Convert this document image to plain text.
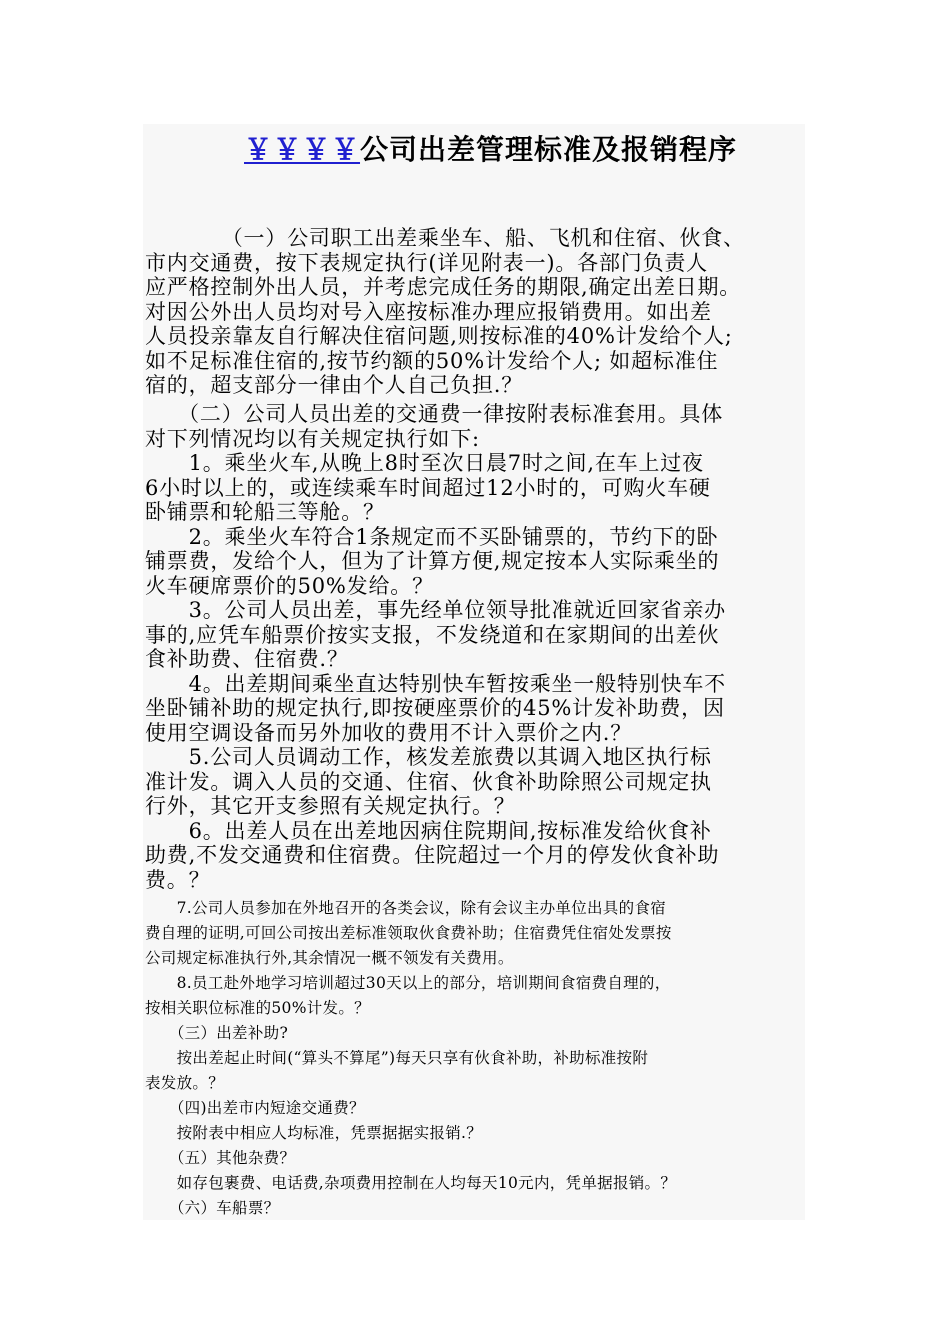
￥￥￥￥公司出差管理标准及报销程序
　　　　（一）公司职工出差乘坐车、船、飞机和住宿、伙食、
市内交通费，按下表规定执行(详见附表一)。各部门负责人
应严格控制外出人员，并考虑完成任务的期限,确定出差日期。
对因公外出人员均对号入座按标准办理应报销费用。如出差
人员投亲靠友自行解决住宿问题,则按标准的40%计发给个人;
如不足标准住宿的,按节约额的50%计发给个人; 如超标准住
宿的，超支部分一律由个人自己负担.？
　　（二）公司人员出差的交通费一律按附表标准套用。具体
对下列情况均以有关规定执行如下:
　　1。乘坐火车,从晚上8时至次日晨7时之间,在车上过夜
6小时以上的，或连续乘车时间超过12小时的，可购火车硬
卧铺票和轮船三等舱。？
　　2。乘坐火车符合1条规定而不买卧铺票的，节约下的卧
铺票费，发给个人，但为了计算方便,规定按本人实际乘坐的
火车硬席票价的50%发给。？
　　3。公司人员出差，事先经单位领导批准就近回家省亲办
事的,应凭车船票价按实支报，不发绕道和在家期间的出差伙
食补助费、住宿费.？
　　4。出差期间乘坐直达特别快车暂按乘坐一般特别快车不
坐卧铺补助的规定执行,即按硬座票价的45%计发补助费，因
使用空调设备而另外加收的费用不计入票价之内.？
　　5.公司人员调动工作，核发差旅费以其调入地区执行标
准计发。调入人员的交通、住宿、伙食补助除照公司规定执
行外，其它开支参照有关规定执行。？
　　6。出差人员在出差地因病住院期间,按标准发给伙食补
助费,不发交通费和住宿费。住院超过一个月的停发伙食补助
费。？
　　7.公司人员参加在外地召开的各类会议，除有会议主办单位出具的食宿
费自理的证明,可回公司按出差标准领取伙食费补助；住宿费凭住宿处发票按
公司规定标准执行外,其余情况一概不领发有关费用。
　　8.员工赴外地学习培训超过30天以上的部分，培训期间食宿费自理的，
按相关职位标准的50%计发。？
　　（三）出差补助?
　　按出差起止时间(“算头不算尾”)每天只享有伙食补助，补助标准按附
表发放。？
　　（四)出差市内短途交通费？
　　按附表中相应人均标准，凭票据据实报销.？
　　（五）其他杂费？
　　如存包裹费、电话费,杂项费用控制在人均每天10元内，凭单据报销。？
　　（六）车船票？
